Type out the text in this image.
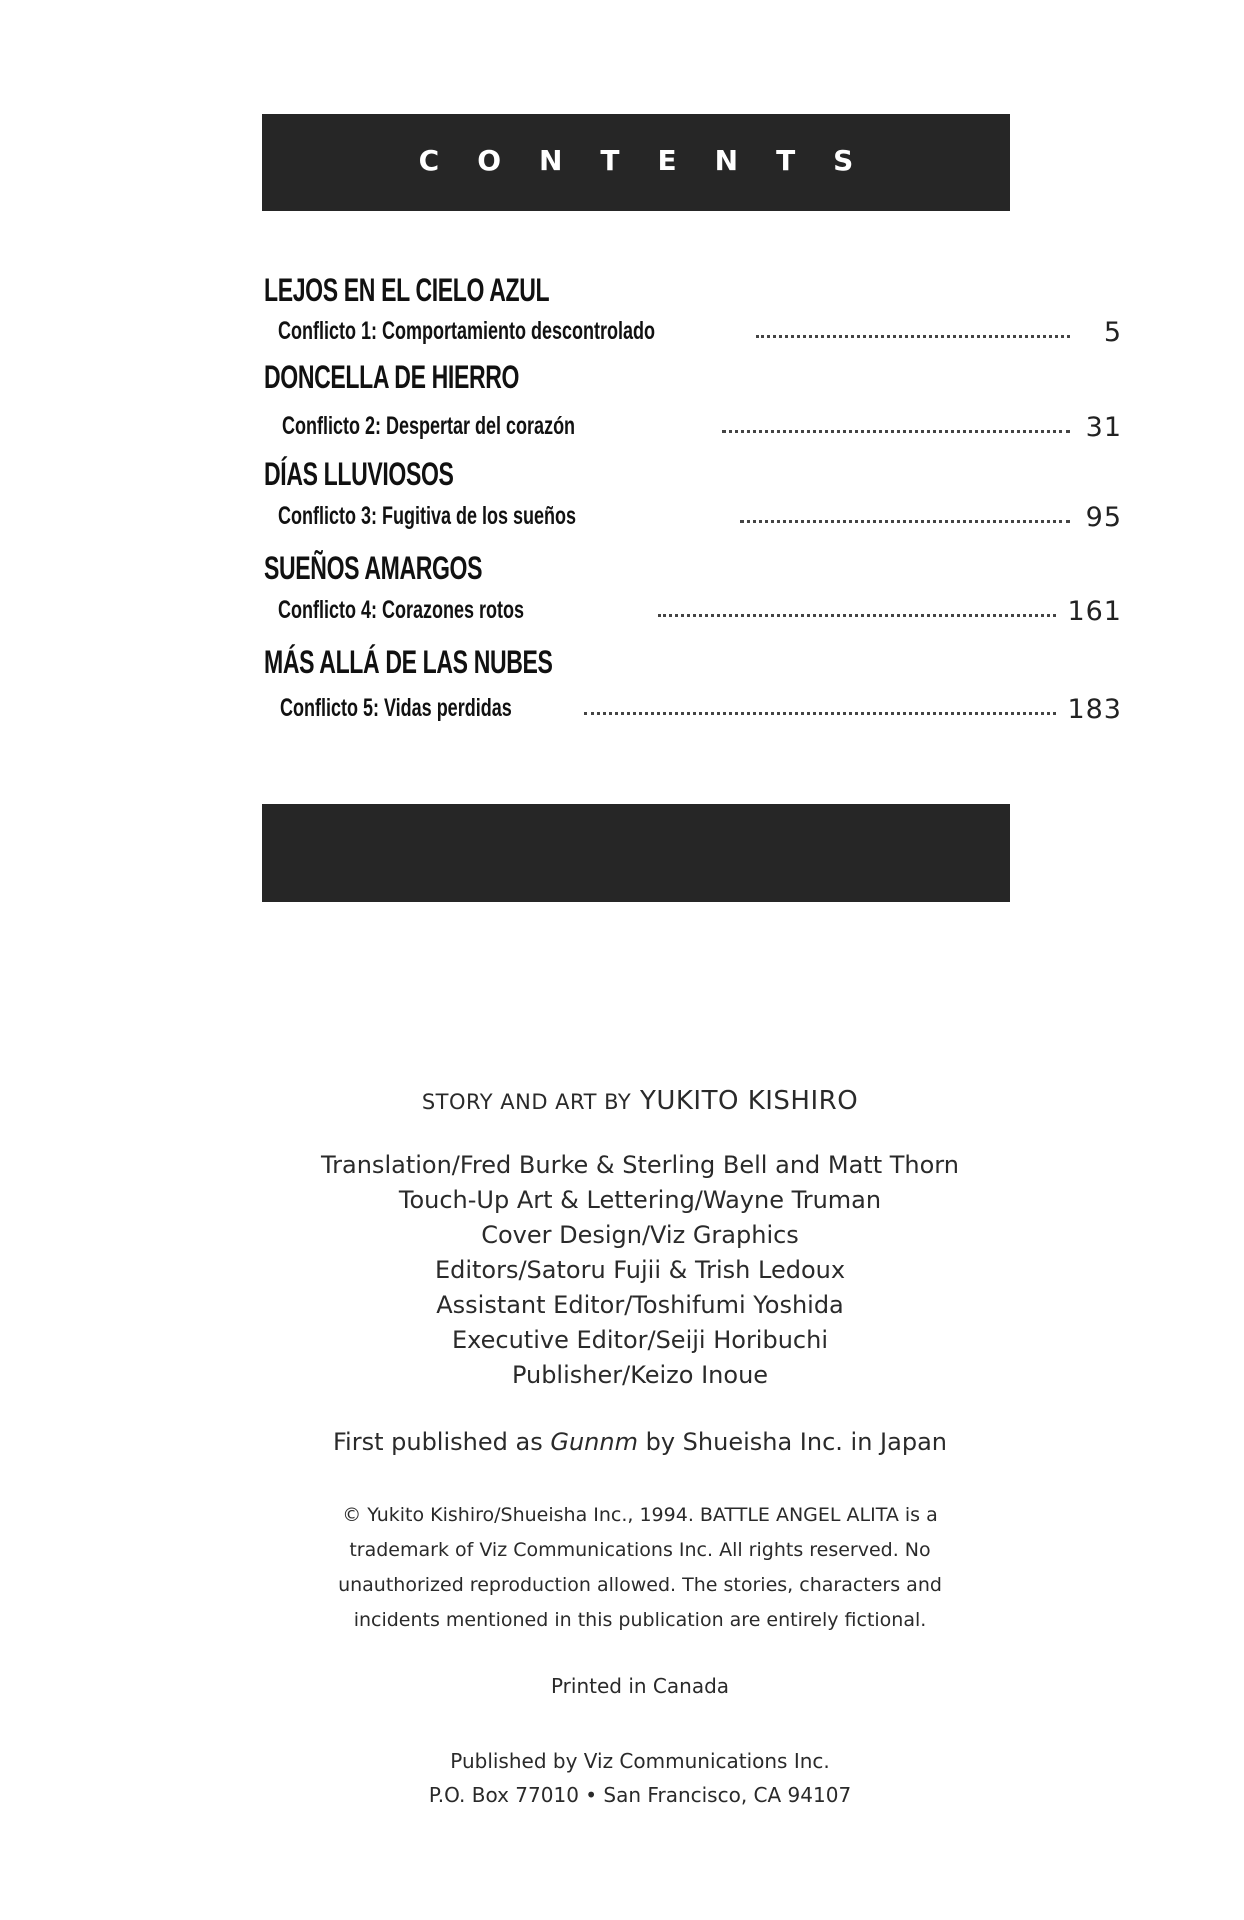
CONTENTS
LEJOS EN EL CIELO AZUL
Conflicto 1: Comportamiento descontrolado	5
DONCELLA DE HIERRO
Conflicto 2: Despertar del corazón	31
DÍAS LLUVIOSOS
Conflicto 3: Fugitiva de los sueños	95
SUEÑOS AMARGOS
Conflicto 4: Corazones rotos	161
MÁS ALLÁ DE LAS NUBES
Conflicto 5: Vidas perdidas	183
STORY AND ART BY YUKITO KISHIRO
Translation/Fred Burke & Sterling Bell and Matt Thorn
Touch-Up Art & Lettering/Wayne Truman
Cover Design/Viz Graphics
Editors/Satoru Fujii & Trish Ledoux
Assistant Editor/Toshifumi Yoshida
Executive Editor/Seiji Horibuchi
Publisher/Keizo Inoue
First published as Gunnm by Shueisha Inc. in Japan
© Yukito Kishiro/Shueisha Inc., 1994. BATTLE ANGEL ALITA is a
trademark of Viz Communications Inc. All rights reserved. No
unauthorized reproduction allowed. The stories, characters and
incidents mentioned in this publication are entirely fictional.
Printed in Canada
Published by Viz Communications Inc.
P.O. Box 77010 • San Francisco, CA 94107
